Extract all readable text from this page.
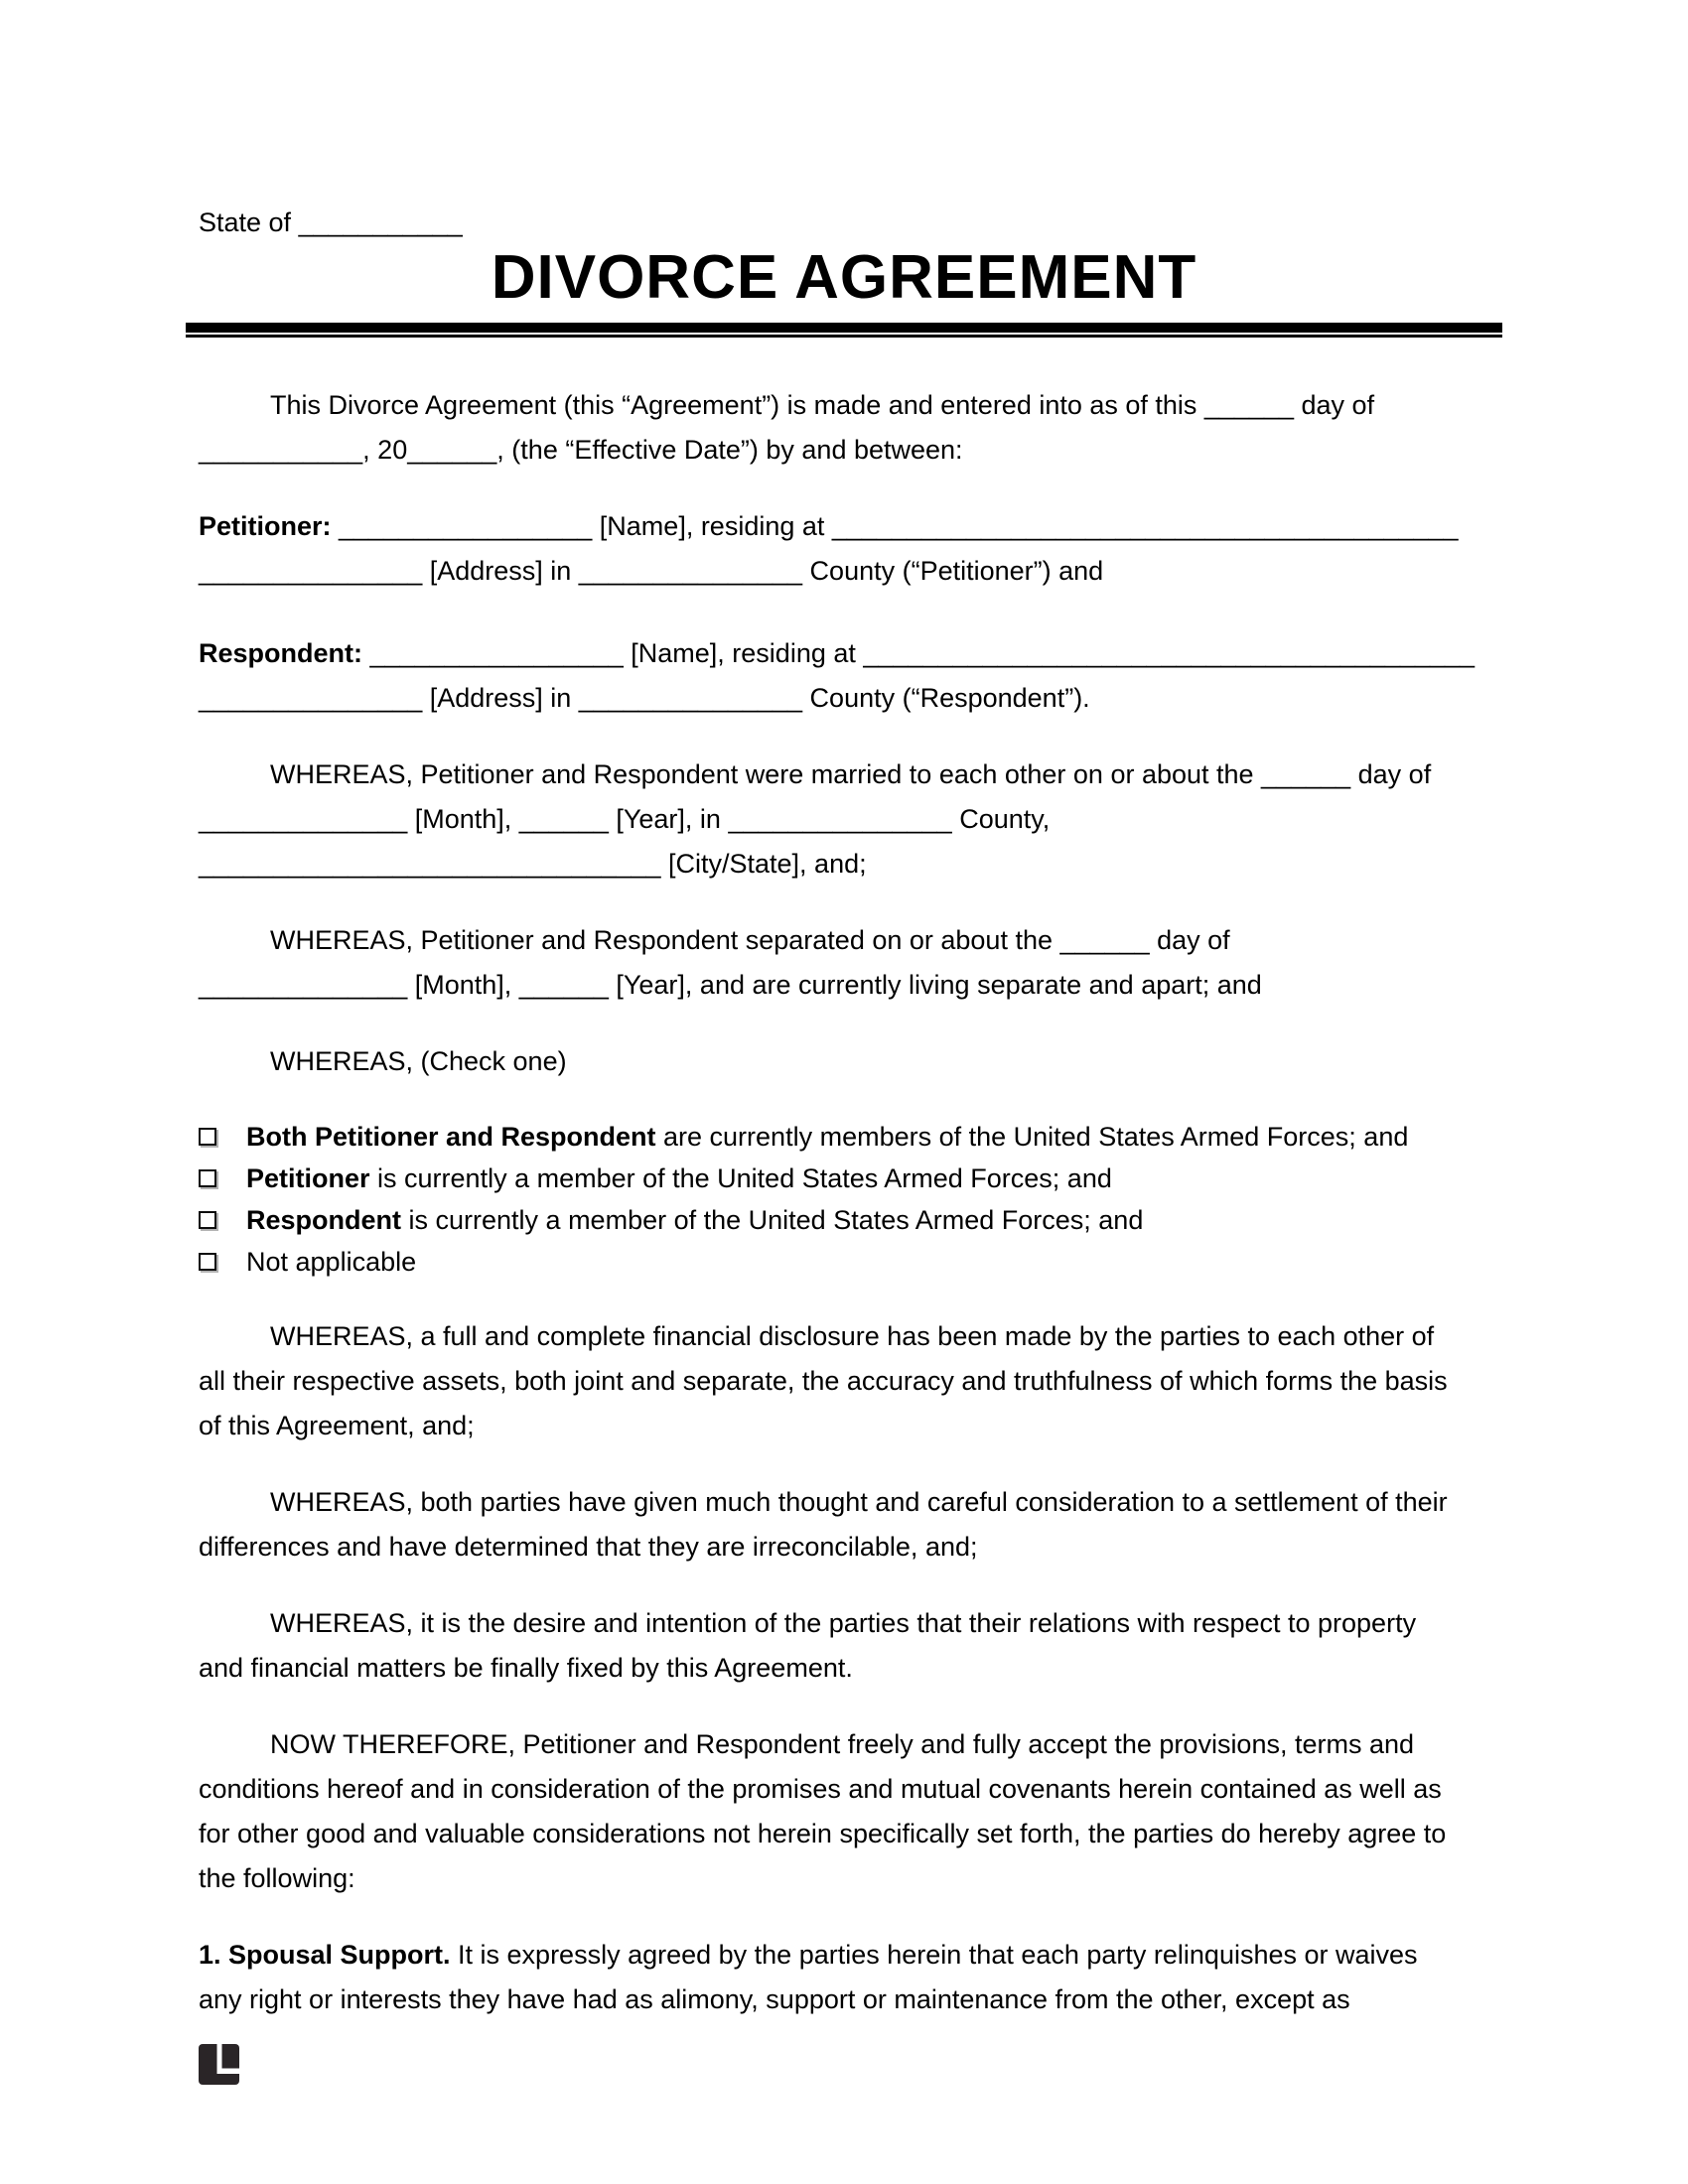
State of ___________
DIVORCE AGREEMENT
This Divorce Agreement (this “Agreement”) is made and entered into as of this ______ day of
___________, 20______, (the “Effective Date”) by and between:
Petitioner: _________________ [Name], residing at __________________________________________
_______________ [Address] in _______________ County (“Petitioner”) and
Respondent: _________________ [Name], residing at _________________________________________
_______________ [Address] in _______________ County (“Respondent”).
WHEREAS, Petitioner and Respondent were married to each other on or about the ______ day of
______________ [Month], ______ [Year], in _______________ County,
_______________________________ [City/State], and;
WHEREAS, Petitioner and Respondent separated on or about the ______ day of
______________ [Month], ______ [Year], and are currently living separate and apart; and
WHEREAS, (Check one)
Both Petitioner and Respondent are currently members of the United States Armed Forces; and
Petitioner is currently a member of the United States Armed Forces; and
Respondent is currently a member of the United States Armed Forces; and
Not applicable
WHEREAS, a full and complete financial disclosure has been made by the parties to each other of
all their respective assets, both joint and separate, the accuracy and truthfulness of which forms the basis
of this Agreement, and;
WHEREAS, both parties have given much thought and careful consideration to a settlement of their
differences and have determined that they are irreconcilable, and;
WHEREAS, it is the desire and intention of the parties that their relations with respect to property
and financial matters be finally fixed by this Agreement.
NOW THEREFORE, Petitioner and Respondent freely and fully accept the provisions, terms and
conditions hereof and in consideration of the promises and mutual covenants herein contained as well as
for other good and valuable considerations not herein specifically set forth, the parties do hereby agree to
the following:
1. Spousal Support. It is expressly agreed by the parties herein that each party relinquishes or waives
any right or interests they have had as alimony, support or maintenance from the other, except as
